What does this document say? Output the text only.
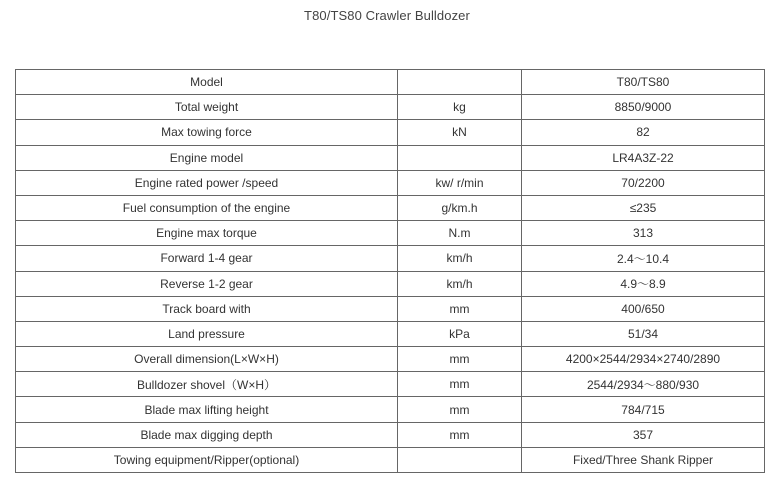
T80/TS80 Crawler Bulldozer
Model		T80/TS80
Total weight	kg	8850/9000
Max towing force	kN	82
Engine model		LR4A3Z-22
Engine rated power /speed	kw/ r/min	70/2200
Fuel consumption of the engine	g/km.h	≤235
Engine max torque	N.m	313
Forward 1-4 gear	km/h	2.4～10.4
Reverse 1-2 gear	km/h	4.9～8.9
Track board with	mm	400/650
Land pressure	kPa	51/34
Overall dimension(L×W×H)	mm	4200×2544/2934×2740/2890
Bulldozer shovel（W×H）	mm	2544/2934～880/930
Blade max lifting height	mm	784/715
Blade max digging depth	mm	357
Towing equipment/Ripper(optional)		Fixed/Three Shank Ripper
